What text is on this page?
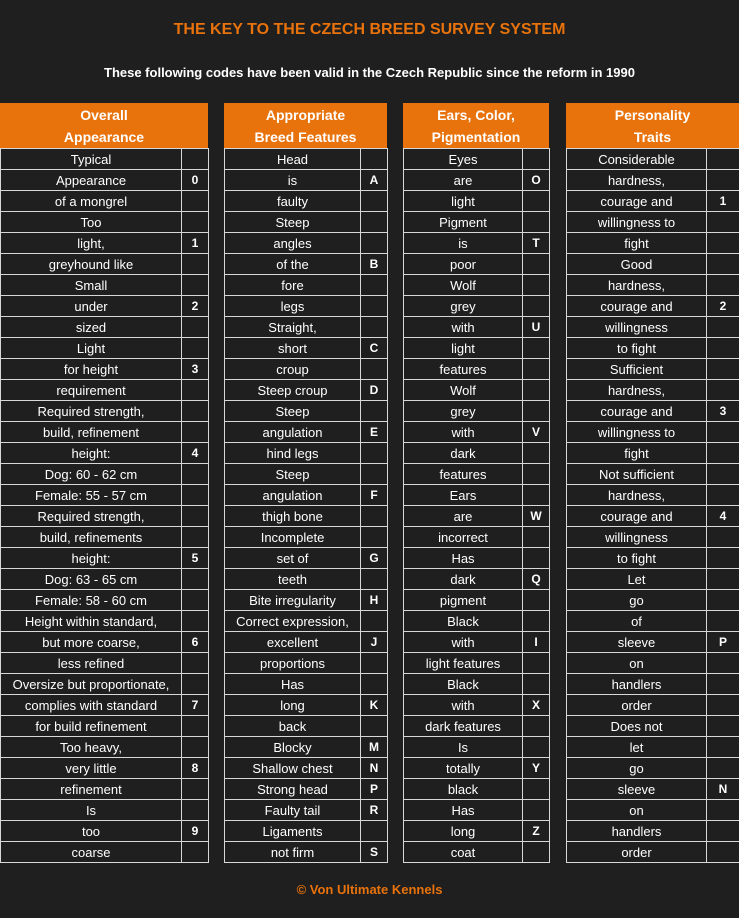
THE KEY TO THE CZECH BREED SURVEY SYSTEM
These following codes have been valid in the Czech Republic since the reform in 1990
Overall
Appearance
Typical	
Appearance	0
of a mongrel	
Too	
light,	1
greyhound like	
Small	
under	2
sized	
Light	
for height	3
requirement	
Required strength,	
build, refinement	
height:	4
Dog: 60 - 62 cm	
Female: 55 - 57 cm	
Required strength,	
build, refinements	
height:	5
Dog: 63 - 65 cm	
Female: 58 - 60 cm	
Height within standard,	
but more coarse,	6
less refined	
Oversize but proportionate,	
complies with standard	7
for build refinement	
Too heavy,	
very little	8
refinement	
Is	
too	9
coarse	
Appropriate
Breed Features
Head	
is	A
faulty	
Steep	
angles	
of the	B
fore	
legs	
Straight,	
short	C
croup	
Steep croup	D
Steep	
angulation	E
hind legs	
Steep	
angulation	F
thigh bone	
Incomplete	
set of	G
teeth	
Bite irregularity	H
Correct expression,	
excellent	J
proportions	
Has	
long	K
back	
Blocky	M
Shallow chest	N
Strong head	P
Faulty tail	R
Ligaments	
not firm	S
Ears, Color,
Pigmentation
Eyes	
are	O
light	
Pigment	
is	T
poor	
Wolf	
grey	
with	U
light	
features	
Wolf	
grey	
with	V
dark	
features	
Ears	
are	W
incorrect	
Has	
dark	Q
pigment	
Black	
with	I
light features	
Black	
with	X
dark features	
Is	
totally	Y
black	
Has	
long	Z
coat	
Personality
Traits
Considerable	
hardness,	
courage and	1
willingness to	
fight	
Good	
hardness,	
courage and	2
willingness	
to fight	
Sufficient	
hardness,	
courage and	3
willingness to	
fight	
Not sufficient	
hardness,	
courage and	4
willingness	
to fight	
Let	
go	
of	
sleeve	P
on	
handlers	
order	
Does not	
let	
go	
sleeve	N
on	
handlers	
order	
© Von Ultimate Kennels
